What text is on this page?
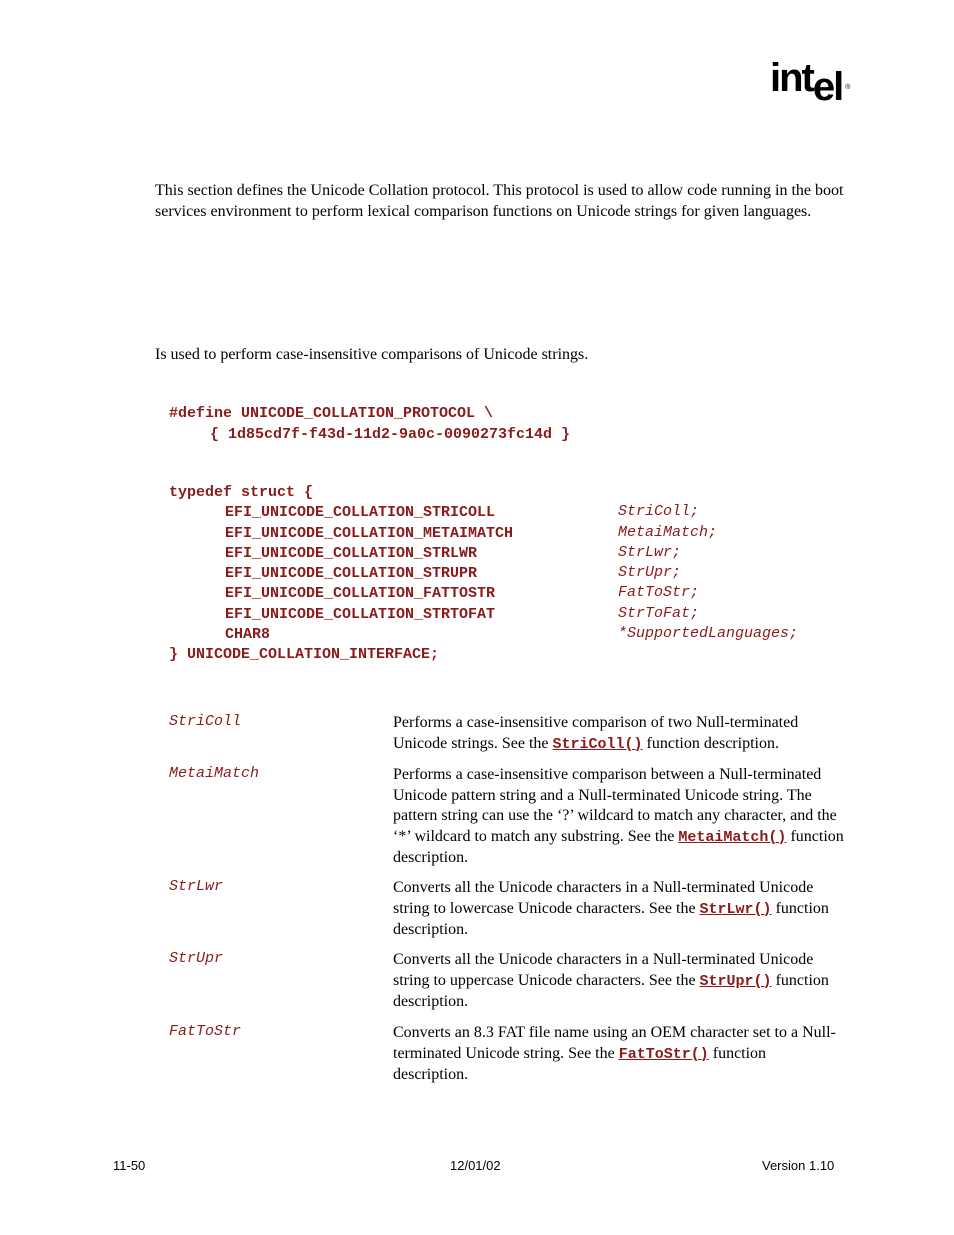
intel ®
This section defines the Unicode Collation protocol. This protocol is used to allow code running in the boot services environment to perform lexical comparison functions on Unicode strings for given languages.
Is used to perform case-insensitive comparisons of Unicode strings.
#define UNICODE_COLLATION_PROTOCOL \
{ 1d85cd7f-f43d-11d2-9a0c-0090273fc14d }
typedef struct {
EFI_UNICODE_COLLATION_STRICOLL	StriColl;
EFI_UNICODE_COLLATION_METAIMATCH	MetaiMatch;
EFI_UNICODE_COLLATION_STRLWR	StrLwr;
EFI_UNICODE_COLLATION_STRUPR	StrUpr;
EFI_UNICODE_COLLATION_FATTOSTR	FatToStr;
EFI_UNICODE_COLLATION_STRTOFAT	StrToFat;
CHAR8	*SupportedLanguages;
} UNICODE_COLLATION_INTERFACE;
StriColl	Performs a case-insensitive comparison of two Null-terminated Unicode strings. See the StriColl() function description.
MetaiMatch	Performs a case-insensitive comparison between a Null-terminated Unicode pattern string and a Null-terminated Unicode string. The pattern string can use the ‘?’ wildcard to match any character, and the ‘*’ wildcard to match any substring. See the MetaiMatch() function description.
StrLwr	Converts all the Unicode characters in a Null-terminated Unicode string to lowercase Unicode characters. See the StrLwr() function description.
StrUpr	Converts all the Unicode characters in a Null-terminated Unicode string to uppercase Unicode characters. See the StrUpr() function description.
FatToStr	Converts an 8.3 FAT file name using an OEM character set to a Null-terminated Unicode string. See the FatToStr() function description.
11-50	12/01/02	Version 1.10
